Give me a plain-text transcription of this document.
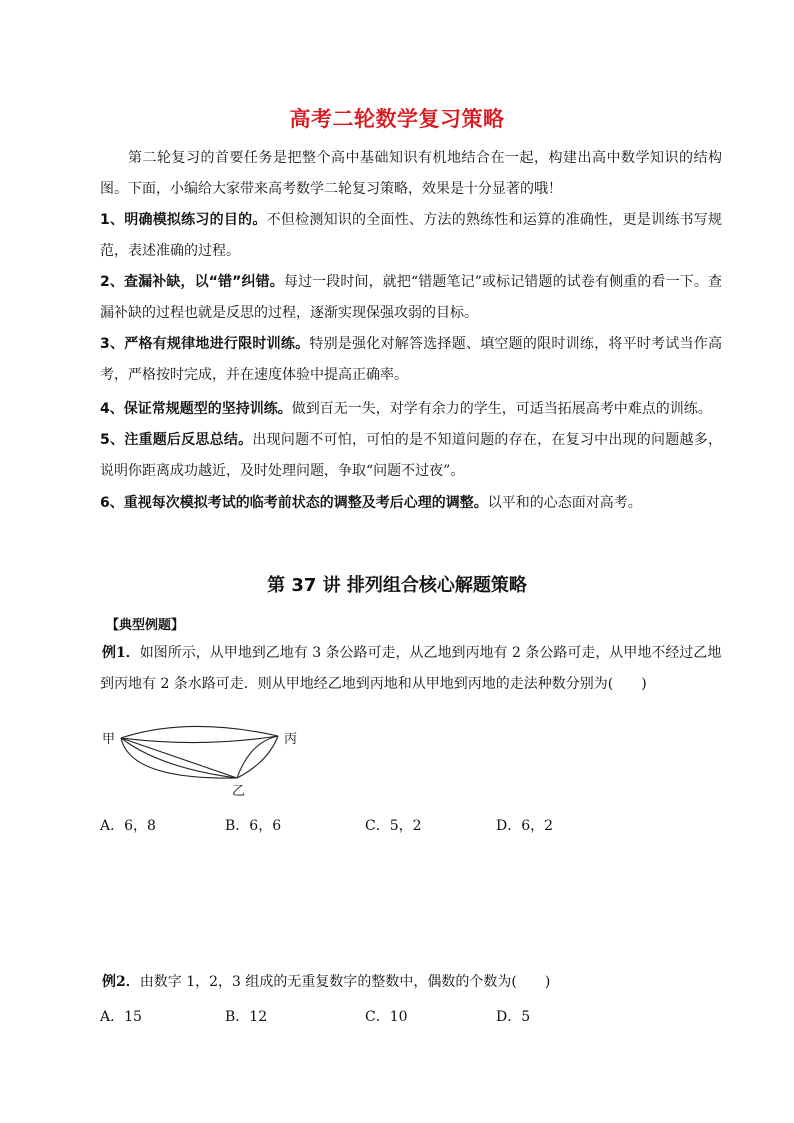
高考二轮数学复习策略
第二轮复习的首要任务是把整个高中基础知识有机地结合在一起，构建出高中数学知识的结构图。下面，小编给大家带来高考数学二轮复习策略，效果是十分显著的哦！
1、明确模拟练习的目的。不但检测知识的全面性、方法的熟练性和运算的准确性，更是训练书写规范，表述准确的过程。
2、查漏补缺，以“错”纠错。每过一段时间，就把“错题笔记”或标记错题的试卷有侧重的看一下。查漏补缺的过程也就是反思的过程，逐渐实现保强攻弱的目标。
3、严格有规律地进行限时训练。特别是强化对解答选择题、填空题的限时训练，将平时考试当作高考，严格按时完成，并在速度体验中提高正确率。
4、保证常规题型的坚持训练。做到百无一失，对学有余力的学生，可适当拓展高考中难点的训练。
5、注重题后反思总结。出现问题不可怕，可怕的是不知道问题的存在，在复习中出现的问题越多，说明你距离成功越近，及时处理问题，争取“问题不过夜”。
6、重视每次模拟考试的临考前状态的调整及考后心理的调整。以平和的心态面对高考。
第 37 讲 排列组合核心解题策略
【典型例题】
例1．如图所示，从甲地到乙地有 3 条公路可走，从乙地到丙地有 2 条公路可走，从甲地不经过乙地到丙地有 2 条水路可走．则从甲地经乙地到丙地和从甲地到丙地的走法种数分别为(　　)
甲	丙
乙
A．6，8	B．6，6	C．5，2	D．6，2
例2．由数字 1，2，3 组成的无重复数字的整数中，偶数的个数为(　　)
A．15	B．12	C．10	D．5
